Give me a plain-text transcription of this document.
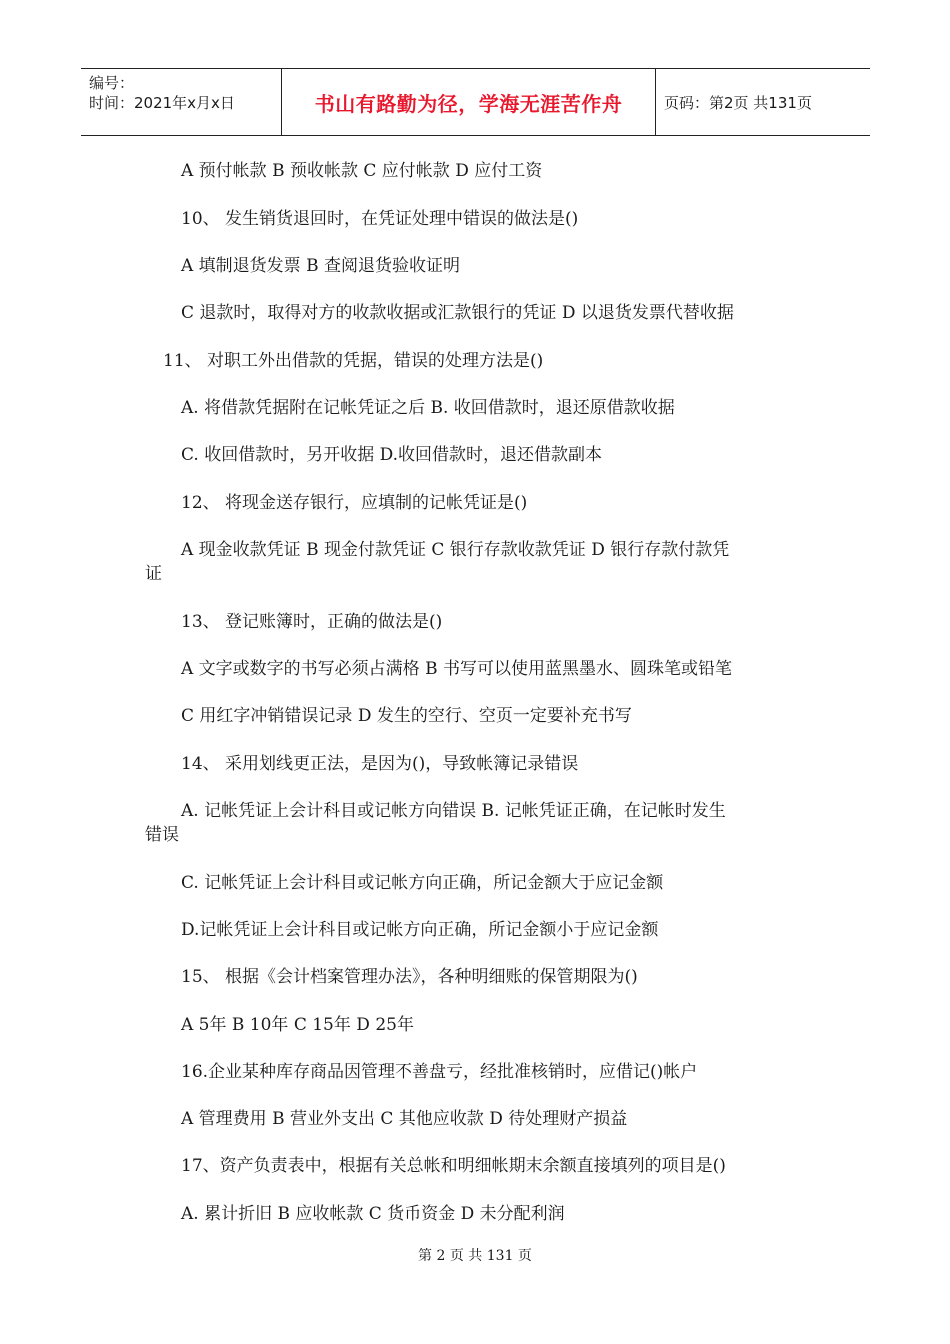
编号：
时间：2021年x月x日	书山有路勤为径，学海无涯苦作舟	页码：第2页 共131页
A 预付帐款 B 预收帐款 C 应付帐款 D 应付工资
10、 发生销货退回时，在凭证处理中错误的做法是()
A 填制退货发票 B 查阅退货验收证明
C 退款时，取得对方的收款收据或汇款银行的凭证 D 以退货发票代替收据
11、 对职工外出借款的凭据，错误的处理方法是()
A. 将借款凭据附在记帐凭证之后 B. 收回借款时，退还原借款收据
C. 收回借款时，另开收据 D.收回借款时，退还借款副本
12、 将现金送存银行，应填制的记帐凭证是()
A 现金收款凭证 B 现金付款凭证 C 银行存款收款凭证 D 银行存款付款凭
证
13、 登记账簿时，正确的做法是()
A 文字或数字的书写必须占满格 B 书写可以使用蓝黑墨水、圆珠笔或铅笔
C 用红字冲销错误记录 D 发生的空行、空页一定要补充书写
14、 采用划线更正法，是因为()，导致帐簿记录错误
A. 记帐凭证上会计科目或记帐方向错误 B. 记帐凭证正确，在记帐时发生
错误
C. 记帐凭证上会计科目或记帐方向正确，所记金额大于应记金额
D.记帐凭证上会计科目或记帐方向正确，所记金额小于应记金额
15、 根据《会计档案管理办法》，各种明细账的保管期限为()
A 5年 B 10年 C 15年 D 25年
16.企业某种库存商品因管理不善盘亏，经批准核销时，应借记()帐户
A 管理费用 B 营业外支出 C 其他应收款 D 待处理财产损益
17、资产负责表中，根据有关总帐和明细帐期末余额直接填列的项目是()
A. 累计折旧 B 应收帐款 C 货币资金 D 未分配利润
第 2 页 共 131 页
